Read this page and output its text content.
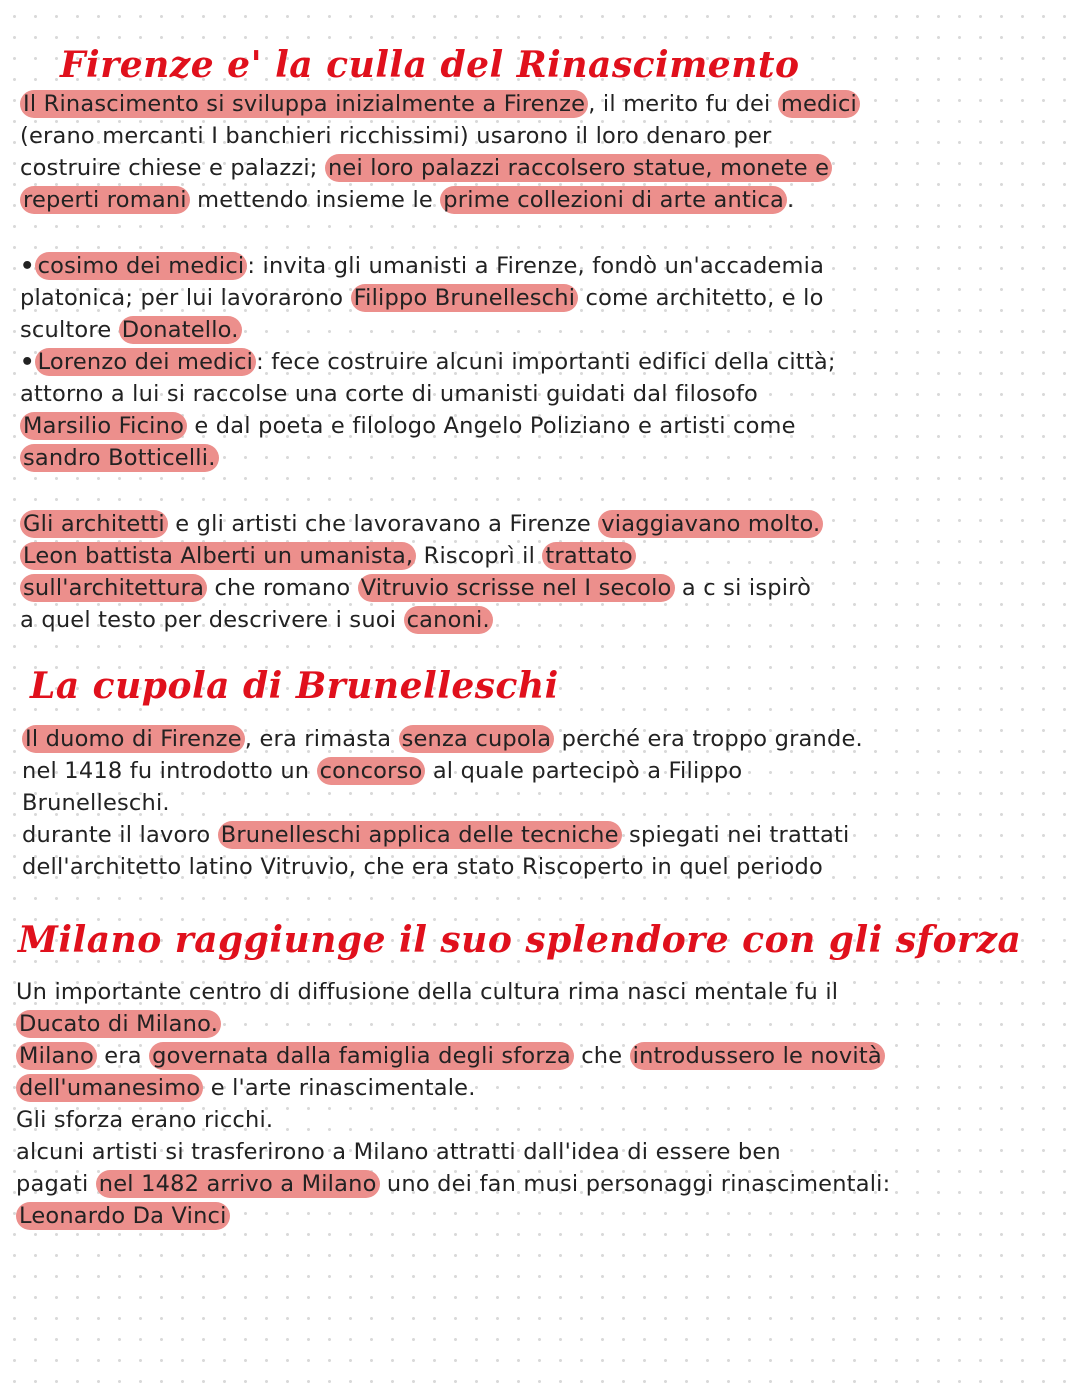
Firenze e' la culla del Rinascimento
Il Rinascimento si sviluppa inizialmente a Firenze , il merito fu dei medici
(erano mercanti I banchieri ricchissimi) usarono il loro denaro per
costruire chiese e palazzi; nei loro palazzi raccolsero statue, monete e
reperti romani mettendo insieme le prime collezioni di arte antica .
• cosimo dei medici : invita gli umanisti a Firenze, fondò un'accademia
platonica; per lui lavorarono Filippo Brunelleschi come architetto, e lo
scultore Donatello.
• Lorenzo dei medici : fece costruire alcuni importanti edifici della città;
attorno a lui si raccolse una corte di umanisti guidati dal filosofo
Marsilio Ficino e dal poeta e filologo Angelo Poliziano e artisti come
sandro Botticelli.
Gli architetti e gli artisti che lavoravano a Firenze viaggiavano molto.
Leon battista Alberti un umanista, Riscoprì il trattato
sull'architettura che romano Vitruvio scrisse nel I secolo a c si ispirò
a quel testo per descrivere i suoi canoni.
La cupola di Brunelleschi
Il duomo di Firenze , era rimasta senza cupola perché era troppo grande.
nel 1418 fu introdotto un concorso al quale partecipò a Filippo
Brunelleschi.
durante il lavoro Brunelleschi applica delle tecniche spiegati nei trattati
dell'architetto latino Vitruvio, che era stato Riscoperto in quel periodo
Milano raggiunge il suo splendore con gli sforza
Un importante centro di diffusione della cultura rima nasci mentale fu il
Ducato di Milano.
Milano era governata dalla famiglia degli sforza che introdussero le novità
dell'umanesimo e l'arte rinascimentale.
Gli sforza erano ricchi.
alcuni artisti si trasferirono a Milano attratti dall'idea di essere ben
pagati nel 1482 arrivo a Milano uno dei fan musi personaggi rinascimentali:
Leonardo Da Vinci
